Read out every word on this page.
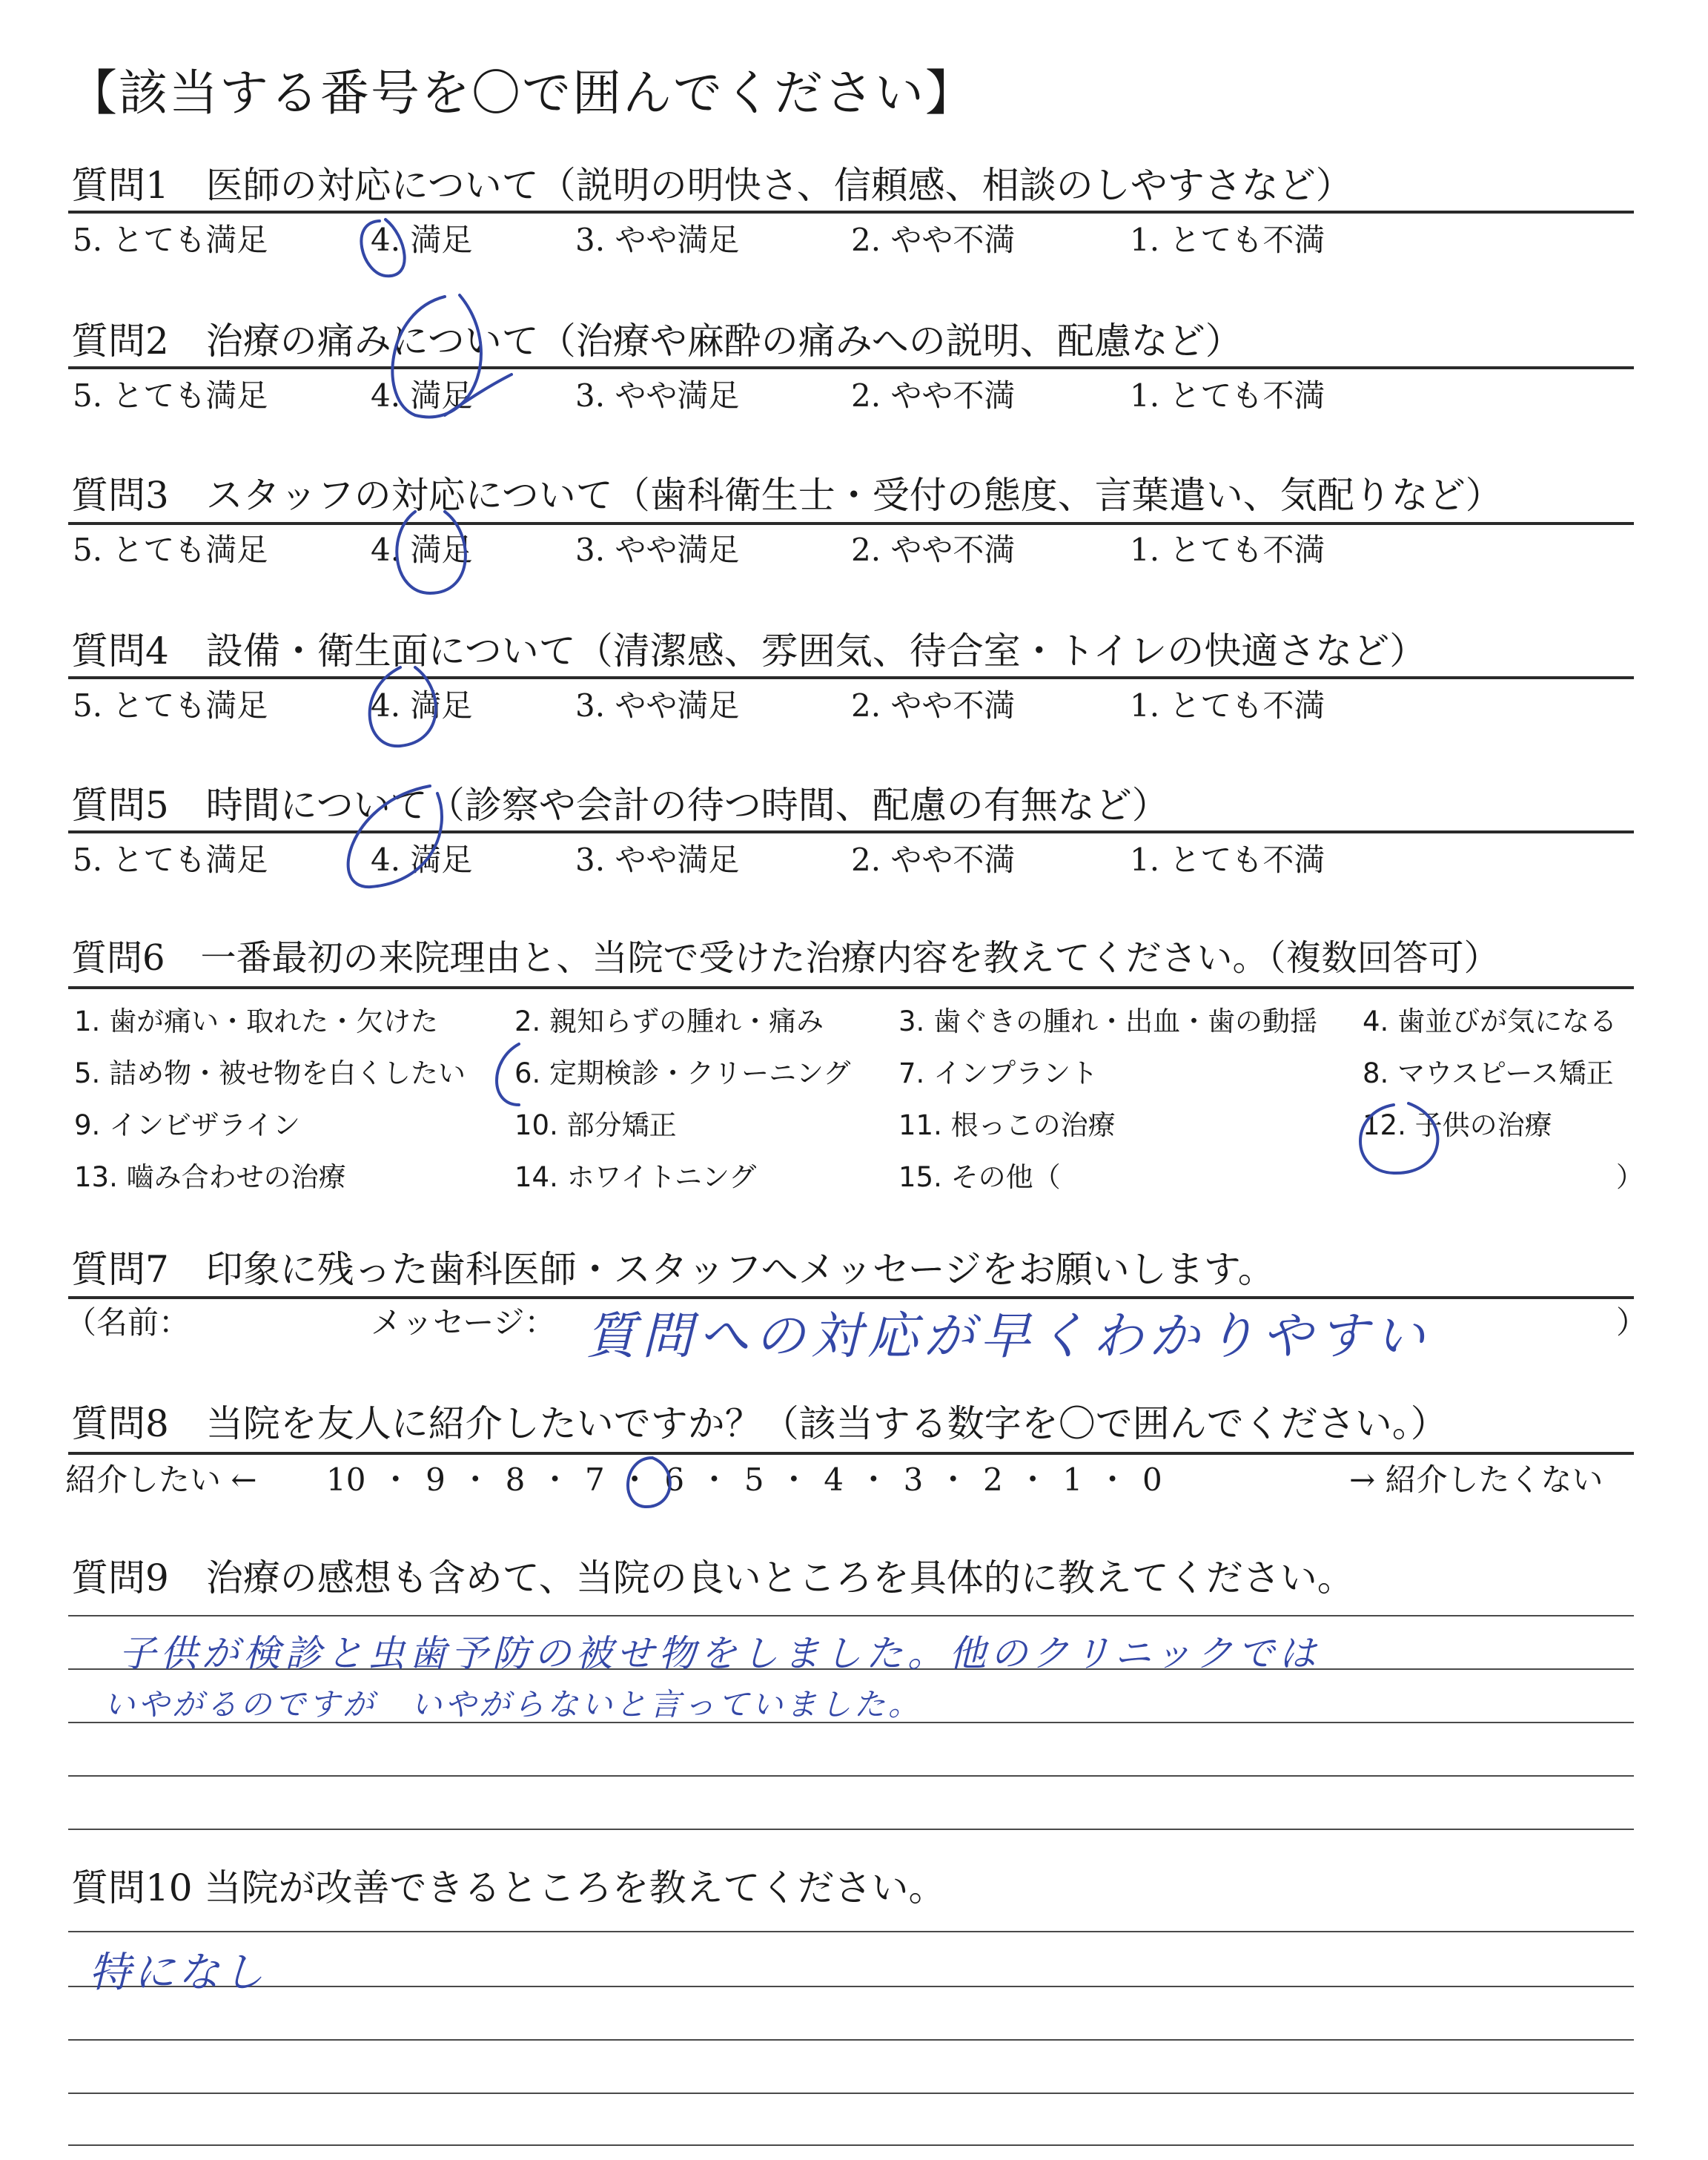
【該当する番号を〇で囲んでください】
質問1　医師の対応について（説明の明快さ、信頼感、相談のしやすさなど）
5. とても満足	4. 満足	3. やや満足	2. やや不満	1. とても不満
質問2　治療の痛みについて（治療や麻酔の痛みへの説明、配慮など）
5. とても満足	4. 満足	3. やや満足	2. やや不満	1. とても不満
質問3　スタッフの対応について（歯科衛生士・受付の態度、言葉遣い、気配りなど）
5. とても満足	4. 満足	3. やや満足	2. やや不満	1. とても不満
質問4　設備・衛生面について（清潔感、雰囲気、待合室・トイレの快適さなど）
5. とても満足	4. 満足	3. やや満足	2. やや不満	1. とても不満
質問5　時間について（診察や会計の待つ時間、配慮の有無など）
5. とても満足	4. 満足	3. やや満足	2. やや不満	1. とても不満
質問6　一番最初の来院理由と、当院で受けた治療内容を教えてください。（複数回答可）
1. 歯が痛い・取れた・欠けた	2. 親知らずの腫れ・痛み	3. 歯ぐきの腫れ・出血・歯の動揺 4. 歯並びが気になる
5. 詰め物・被せ物を白くしたい 6. 定期検診・クリーニング 7. インプラント	8. マウスピース矯正
9. インビザライン	10. 部分矯正	11. 根っこの治療	12. 子供の治療
13. 嚙み合わせの治療	14. ホワイトニング	15. その他（	）
質問7　印象に残った歯科医師・スタッフへメッセージをお願いします。
（名前：	メッセージ： 質問への対応が早くわかりやすい	）
質問8　当院を友人に紹介したいですか？（該当する数字を〇で囲んでください。）
紹介したい ← 10 ・ 9 ・ 8 ・ 7 ・ 6 ・ 5 ・ 4 ・ 3 ・ 2 ・ 1 ・ 0	→ 紹介したくない
質問9　治療の感想も含めて、当院の良いところを具体的に教えてください。
子供が検診と虫歯予防の被せ物をしました。他のクリニックでは
いやがるのですが　いやがらないと言っていました。
質問10 当院が改善できるところを教えてください。
特になし
